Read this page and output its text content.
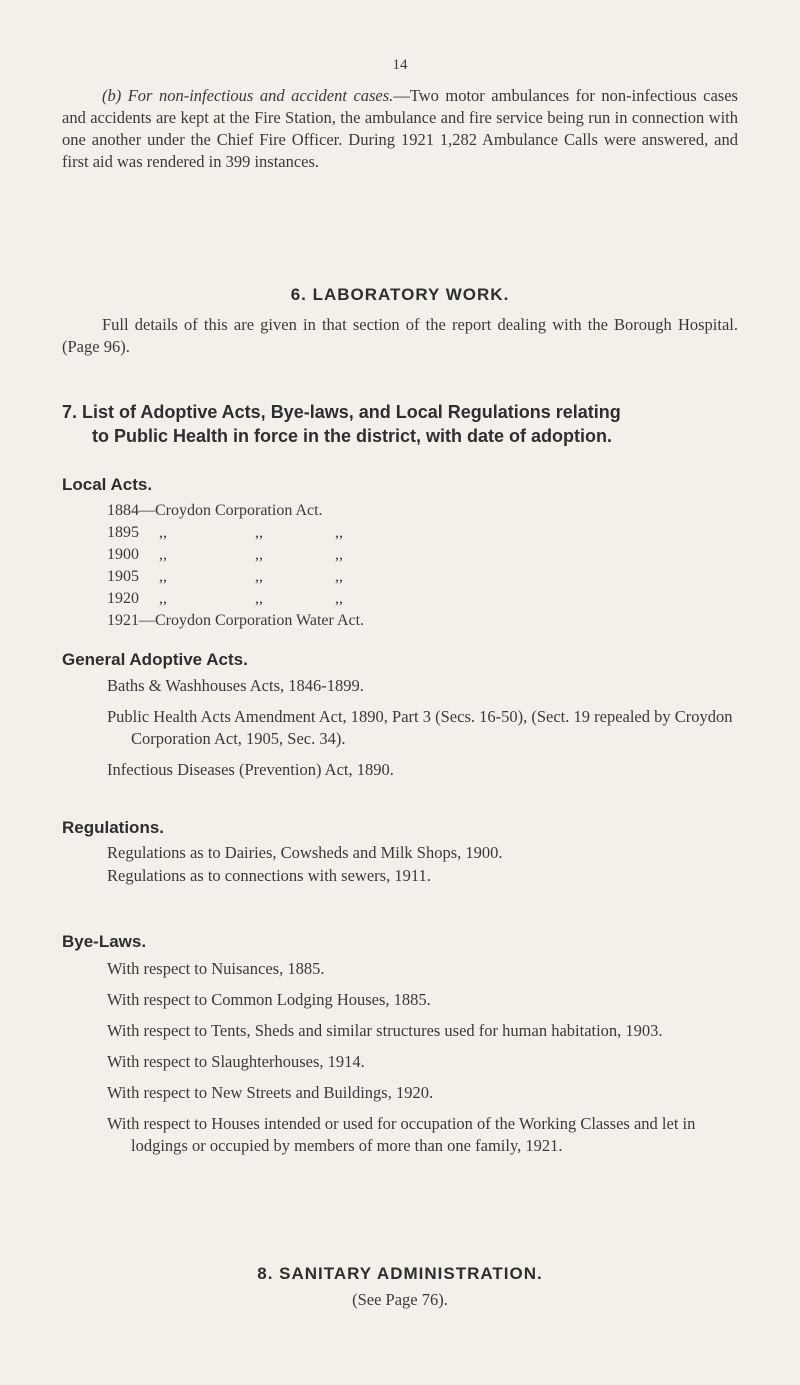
14
(b) For non-infectious and accident cases.—Two motor ambulances for non-infectious cases and accidents are kept at the Fire Station, the ambulance and fire service being run in connection with one another under the Chief Fire Officer. During 1921 1,282 Ambulance Calls were answered, and first aid was rendered in 399 instances.
6. LABORATORY WORK.
Full details of this are given in that section of the report dealing with the Borough Hospital. (Page 96).
7. List of Adoptive Acts, Bye-laws, and Local Regulations relating
to Public Health in force in the district, with date of adoption.
Local Acts.
1884—Croydon Corporation Act.
1895 ,,	,,	,,
1900 ,,	,,	,,
1905 ,,	,,	,,
1920 ,,	,,	,,
1921—Croydon Corporation Water Act.
General Adoptive Acts.
Baths & Washhouses Acts, 1846-1899.
Public Health Acts Amendment Act, 1890, Part 3 (Secs. 16-50), (Sect. 19 repealed by Croydon Corporation Act, 1905, Sec. 34).
Infectious Diseases (Prevention) Act, 1890.
Regulations.
Regulations as to Dairies, Cowsheds and Milk Shops, 1900.
Regulations as to connections with sewers, 1911.
Bye-Laws.
With respect to Nuisances, 1885.
With respect to Common Lodging Houses, 1885.
With respect to Tents, Sheds and similar structures used for human habitation, 1903.
With respect to Slaughterhouses, 1914.
With respect to New Streets and Buildings, 1920.
With respect to Houses intended or used for occupation of the Working Classes and let in lodgings or occupied by members of more than one family, 1921.
8. SANITARY ADMINISTRATION.
(See Page 76).
